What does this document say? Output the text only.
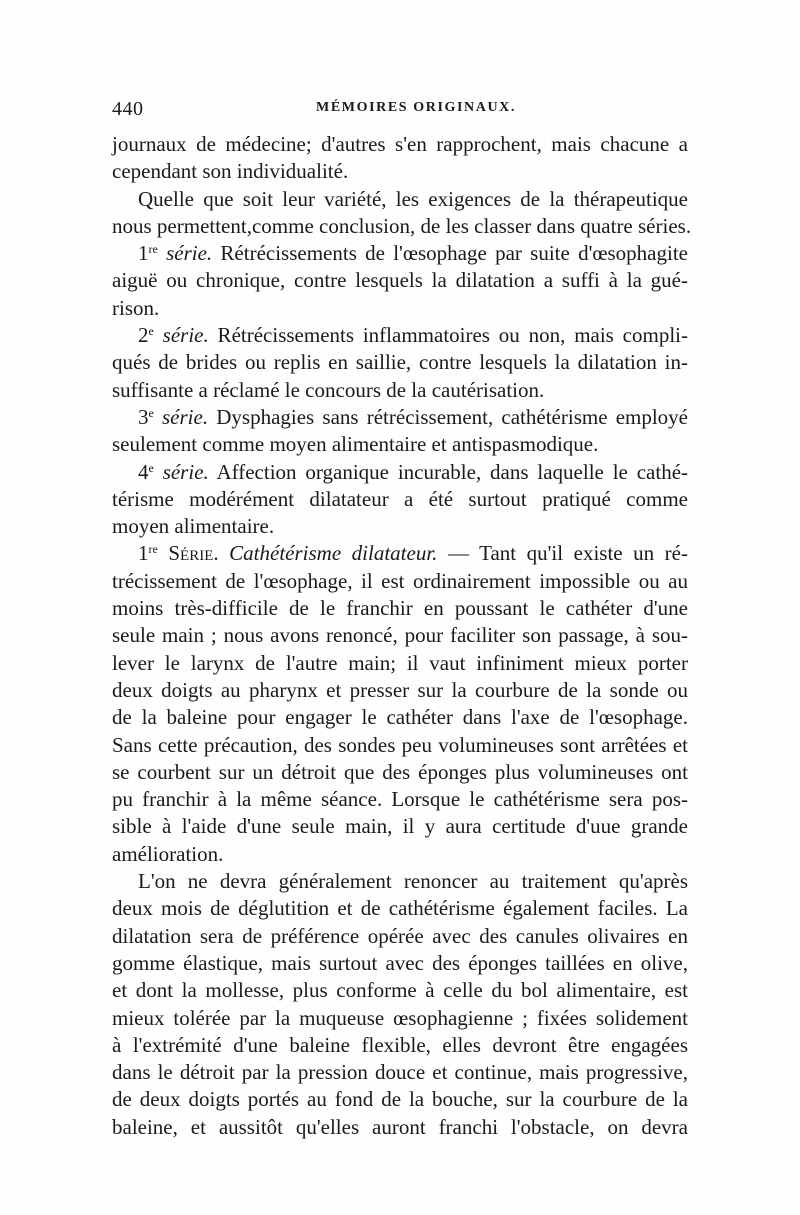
440	MÉMOIRES ORIGINAUX.
journaux de médecine; d'autres s'en rapprochent, mais chacune a
cependant son individualité.
Quelle que soit leur variété, les exigences de la thérapeutique
nous permettent,comme conclusion, de les classer dans quatre séries.
1re série. Rétrécissements de l'œsophage par suite d'œsophagite
aiguë ou chronique, contre lesquels la dilatation a suffi à la gué-
rison.
2e série. Rétrécissements inflammatoires ou non, mais compli-
qués de brides ou replis en saillie, contre lesquels la dilatation in-
suffisante a réclamé le concours de la cautérisation.
3e série. Dysphagies sans rétrécissement, cathétérisme employé
seulement comme moyen alimentaire et antispasmodique.
4e série. Affection organique incurable, dans laquelle le cathé-
térisme modérément dilatateur a été surtout pratiqué comme
moyen alimentaire.
1re Série. Cathétérisme dilatateur. — Tant qu'il existe un ré-
trécissement de l'œsophage, il est ordinairement impossible ou au
moins très-difficile de le franchir en poussant le cathéter d'une
seule main ; nous avons renoncé, pour faciliter son passage, à sou-
lever le larynx de l'autre main; il vaut infiniment mieux porter
deux doigts au pharynx et presser sur la courbure de la sonde ou
de la baleine pour engager le cathéter dans l'axe de l'œsophage.
Sans cette précaution, des sondes peu volumineuses sont arrêtées et
se courbent sur un détroit que des éponges plus volumineuses ont
pu franchir à la même séance. Lorsque le cathétérisme sera pos-
sible à l'aide d'une seule main, il y aura certitude d'uue grande
amélioration.
L'on ne devra généralement renoncer au traitement qu'après
deux mois de déglutition et de cathétérisme également faciles. La
dilatation sera de préférence opérée avec des canules olivaires en
gomme élastique, mais surtout avec des éponges taillées en olive,
et dont la mollesse, plus conforme à celle du bol alimentaire, est
mieux tolérée par la muqueuse œsophagienne ; fixées solidement
à l'extrémité d'une baleine flexible, elles devront être engagées
dans le détroit par la pression douce et continue, mais progressive,
de deux doigts portés au fond de la bouche, sur la courbure de la
baleine, et aussitôt qu'elles auront franchi l'obstacle, on devra
